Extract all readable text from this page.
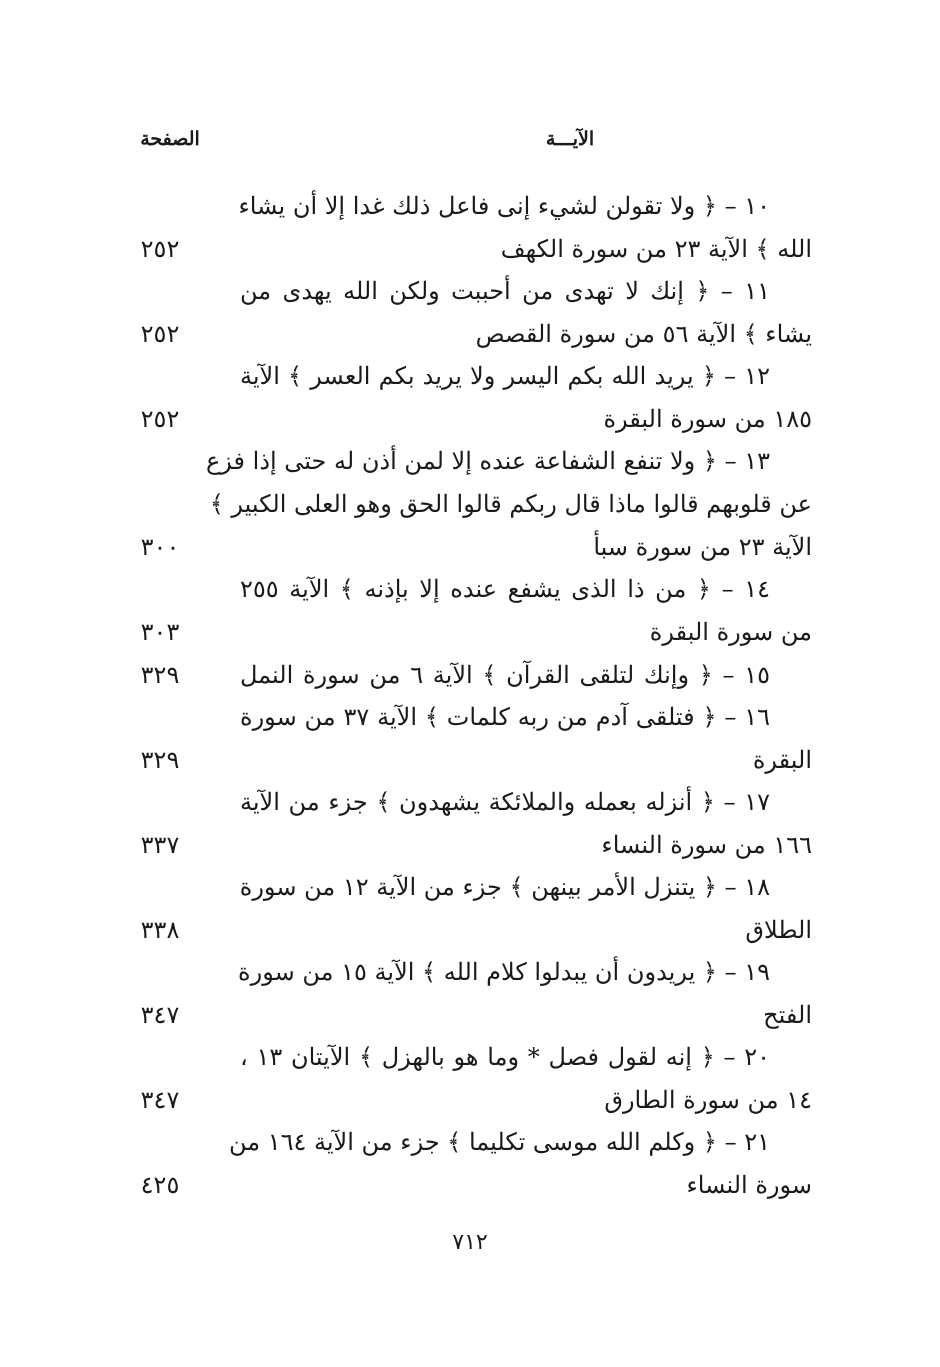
الآيـــة
الصفحة
١٠ – ﴿ ولا تقولن لشيء إنى فاعل ذلك غدا إلا أن يشاء
الله ﴾ الآية ٢٣ من سورة الكهف
٢٥٢
١١ – ﴿ إنك لا تهدى من أحببت ولكن الله يهدى من
يشاء ﴾ الآية ٥٦ من سورة القصص
٢٥٢
١٢ – ﴿ يريد الله بكم اليسر ولا يريد بكم العسر ﴾ الآية
١٨٥ من سورة البقرة
٢٥٢
١٣ – ﴿ ولا تنفع الشفاعة عنده إلا لمن أذن له حتى إذا فزع
عن قلوبهم قالوا ماذا قال ربكم قالوا الحق وهو العلى الكبير ﴾
الآية ٢٣ من سورة سبأ
٣٠٠
١٤ – ﴿ من ذا الذى يشفع عنده إلا بإذنه ﴾ الآية ٢٥٥
من سورة البقرة
٣٠٣
١٥ – ﴿ وإنك لتلقى القرآن ﴾ الآية ٦ من سورة النمل
٣٢٩
١٦ – ﴿ فتلقى آدم من ربه كلمات ﴾ الآية ٣٧ من سورة
البقرة
٣٢٩
١٧ – ﴿ أنزله بعمله والملائكة يشهدون ﴾ جزء من الآية
١٦٦ من سورة النساء
٣٣٧
١٨ – ﴿ يتنزل الأمر بينهن ﴾ جزء من الآية ١٢ من سورة
الطلاق
٣٣٨
١٩ – ﴿ يريدون أن يبدلوا كلام الله ﴾ الآية ١٥ من سورة
الفتح
٣٤٧
٢٠ – ﴿ إنه لقول فصل * وما هو بالهزل ﴾ الآيتان ١٣ ،
١٤ من سورة الطارق
٣٤٧
٢١ – ﴿ وكلم الله موسى تكليما ﴾ جزء من الآية ١٦٤ من
سورة النساء
٤٢٥
٧١٢
